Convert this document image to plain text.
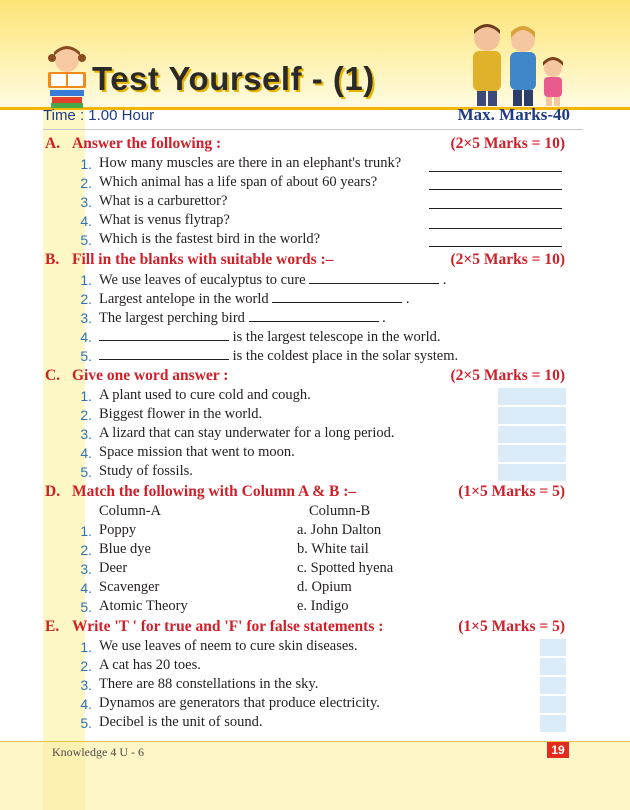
Test Yourself - (1)
Time : 1.00 Hour	Max. Marks-40
A. Answer the following :	(2×5 Marks = 10)
1. How many muscles are there in an elephant's trunk?
2. Which animal has a life span of about 60 years?
3. What is a carburettor?
4. What is venus flytrap?
5. Which is the fastest bird in the world?
B. Fill in the blanks with suitable words :–	(2×5 Marks = 10)
1. We use leaves of eucalyptus to cure	.
2. Largest antelope in the world	.
3. The largest perching bird	.
4.	is the largest telescope in the world.
5.	is the coldest place in the solar system.
C. Give one word answer :	(2×5 Marks = 10)
1. A plant used to cure cold and cough.
2. Biggest flower in the world.
3. A lizard that can stay underwater for a long period.
4. Space mission that went to moon.
5. Study of fossils.
D. Match the following with Column A & B :–	(1×5 Marks = 5)
Column-A	Column-B
1. Poppy	a. John Dalton
2. Blue dye	b. White tail
3. Deer	c. Spotted hyena
4. Scavenger	d. Opium
5. Atomic Theory	e. Indigo
E. Write 'T ' for true and 'F' for false statements :	(1×5 Marks = 5)
1. We use leaves of neem to cure skin diseases.
2. A cat has 20 toes.
3. There are 88 constellations in the sky.
4. Dynamos are generators that produce electricity.
5. Decibel is the unit of sound.
Knowledge 4 U - 6	19
